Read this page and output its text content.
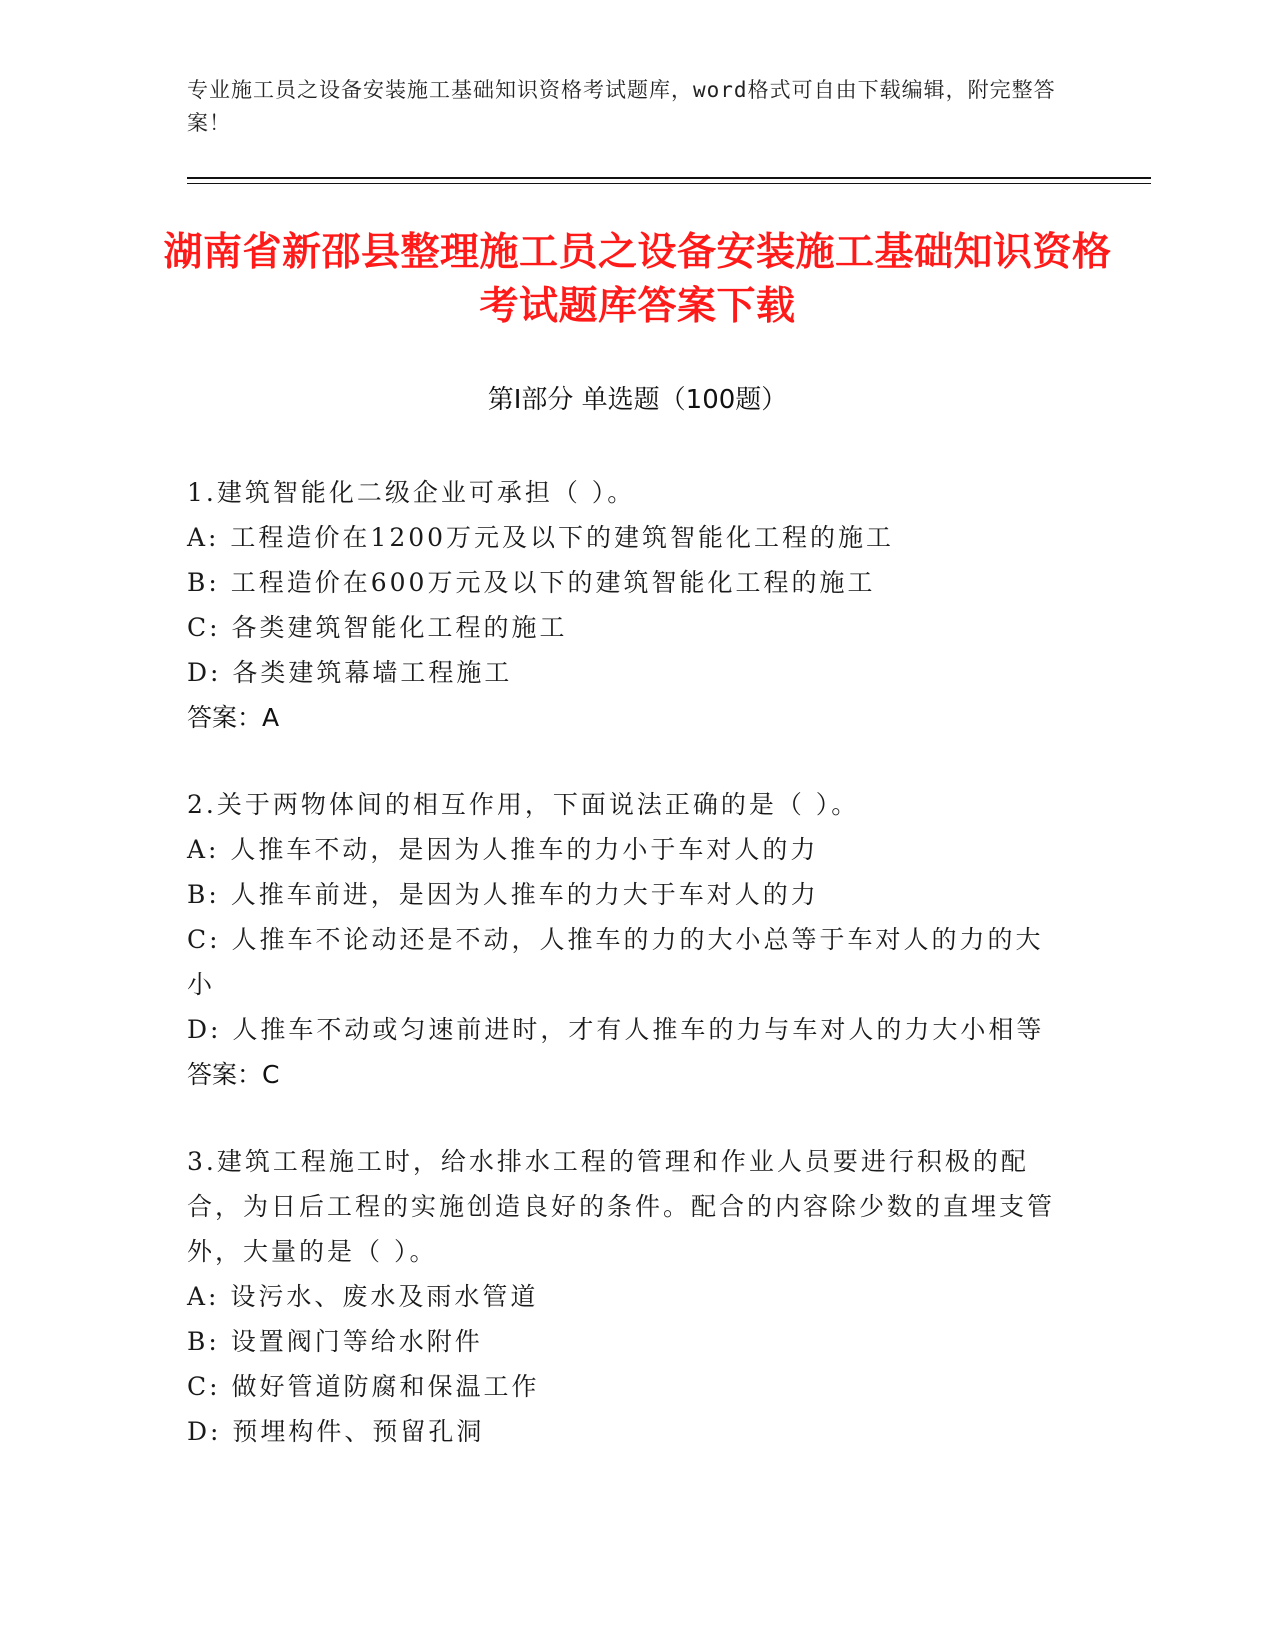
专业施工员之设备安装施工基础知识资格考试题库，word格式可自由下载编辑，附完整答案！
湖南省新邵县整理施工员之设备安装施工基础知识资格考试题库答案下载
第I部分 单选题（100题）
1.建筑智能化二级企业可承担（ ）。
A: 工程造价在1200万元及以下的建筑智能化工程的施工
B: 工程造价在600万元及以下的建筑智能化工程的施工
C: 各类建筑智能化工程的施工
D: 各类建筑幕墙工程施工
答案：A
2.关于两物体间的相互作用，下面说法正确的是（ ）。
A: 人推车不动，是因为人推车的力小于车对人的力
B: 人推车前进，是因为人推车的力大于车对人的力
C: 人推车不论动还是不动，人推车的力的大小总等于车对人的力的大小
D: 人推车不动或匀速前进时，才有人推车的力与车对人的力大小相等
答案：C
3.建筑工程施工时，给水排水工程的管理和作业人员要进行积极的配合，为日后工程的实施创造良好的条件。配合的内容除少数的直埋支管外，大量的是（ ）。
A: 设污水、废水及雨水管道
B: 设置阀门等给水附件
C: 做好管道防腐和保温工作
D: 预埋构件、预留孔洞
